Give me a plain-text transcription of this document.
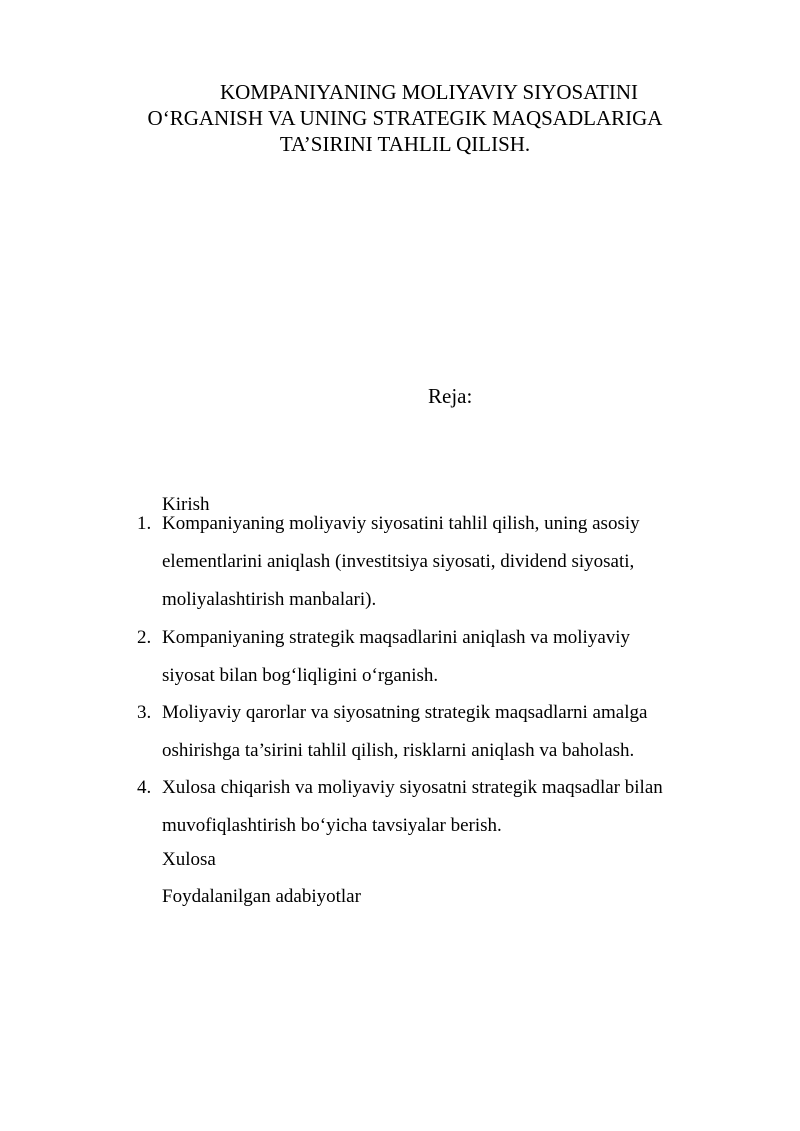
KOMPANIYANING MOLIYAVIY SIYOSATINI
O‘RGANISH VA UNING STRATEGIK MAQSADLARIGA
TA’SIRINI TAHLIL QILISH.
Reja:
Kirish
1. Kompaniyaning moliyaviy siyosatini tahlil qilish, uning asosiy
elementlarini aniqlash (investitsiya siyosati, dividend siyosati,
moliyalashtirish manbalari).
2. Kompaniyaning strategik maqsadlarini aniqlash va moliyaviy
siyosat bilan bog‘liqligini o‘rganish.
3. Moliyaviy qarorlar va siyosatning strategik maqsadlarni amalga
oshirishga ta’sirini tahlil qilish, risklarni aniqlash va baholash.
4. Xulosa chiqarish va moliyaviy siyosatni strategik maqsadlar bilan
muvofiqlashtirish bo‘yicha tavsiyalar berish.
Xulosa
Foydalanilgan adabiyotlar
